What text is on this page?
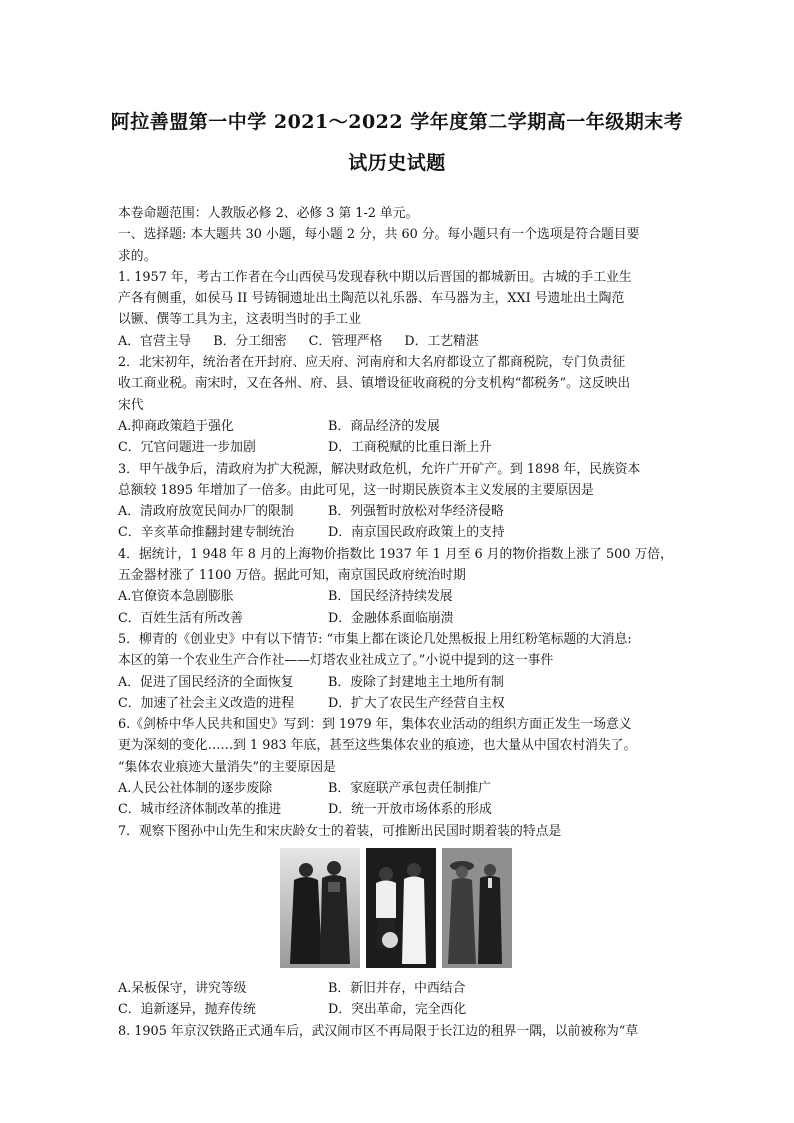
阿拉善盟第一中学 2021～2022 学年度第二学期高一年级期末考
试历史试题
本卷命题范围：人教版必修 2、必修 3 第 1-2 单元。
一、选择题: 本大题共 30 小题，每小题 2 分，共 60 分。每小题只有一个选项是符合题目要
求的。
1. 1957 年，考古工作者在今山西侯马发现春秋中期以后晋国的都城新田。古城的手工业生
产各有侧重，如侯马 II 号铸铜遗址出土陶范以礼乐器、车马器为主，XXI 号遗址出土陶范
以镢、僎等工具为主，这表明当时的手工业
A．官营主导 B．分工细密 C．管理严格 D．工艺精湛
2．北宋初年，统治者在开封府、应天府、河南府和大名府都设立了都商税院，专门负责征
收工商业税。南宋时，又在各州、府、县、镇增设征收商税的分支机构“都税务”。这反映出
宋代
A.抑商政策趋于强化	B．商品经济的发展
C．冗官问题进一步加剧	D．工商税赋的比重日渐上升
3．甲午战争后，清政府为扩大税源，解决财政危机，允许广开矿产。到 1898 年，民族资本
总额较 1895 年增加了一倍多。由此可见，这一时期民族资本主义发展的主要原因是
A．清政府放宽民间办厂的限制	B．列强暂时放松对华经济侵略
C．辛亥革命推翻封建专制统治	D．南京国民政府政策上的支持
4．据统计，1 948 年 8 月的上海物价指数比 1937 年 1 月至 6 月的物价指数上涨了 500 万倍，
五金器材涨了 1100 万倍。据此可知，南京国民政府统治时期
A.官僚资本急剧膨胀	B．国民经济持续发展
C．百姓生活有所改善	D．金融体系面临崩溃
5．柳青的《创业史》中有以下情节: “市集上都在谈论几处黑板报上用红粉笔标题的大消息:
本区的第一个农业生产合作社——灯塔农业社成立了。”小说中提到的这一事件
A．促进了国民经济的全面恢复	B．废除了封建地主土地所有制
C．加速了社会主义改造的进程	D．扩大了农民生产经营自主权
6.《剑桥中华人民共和国史》写到：到 1979 年，集体农业活动的组织方面正发生一场意义
更为深刻的变化……到 1 983 年底，甚至这些集体农业的痕迹，也大量从中国农村消失了。
“集体农业痕迹大量消失”的主要原因是
A.人民公社体制的逐步废除	B．家庭联产承包责任制推广
C．城市经济体制改革的推进	D．统一开放市场体系的形成
7．观察下图孙中山先生和宋庆龄女士的着装，可推断出民国时期着装的特点是
A.呆板保守，讲究等级	B．新旧并存，中西结合
C．追新逐异，抛弃传统	D．突出革命，完全西化
8. 1905 年京汉铁路正式通车后，武汉闹市区不再局限于长江边的租界一隅，以前被称为“草
